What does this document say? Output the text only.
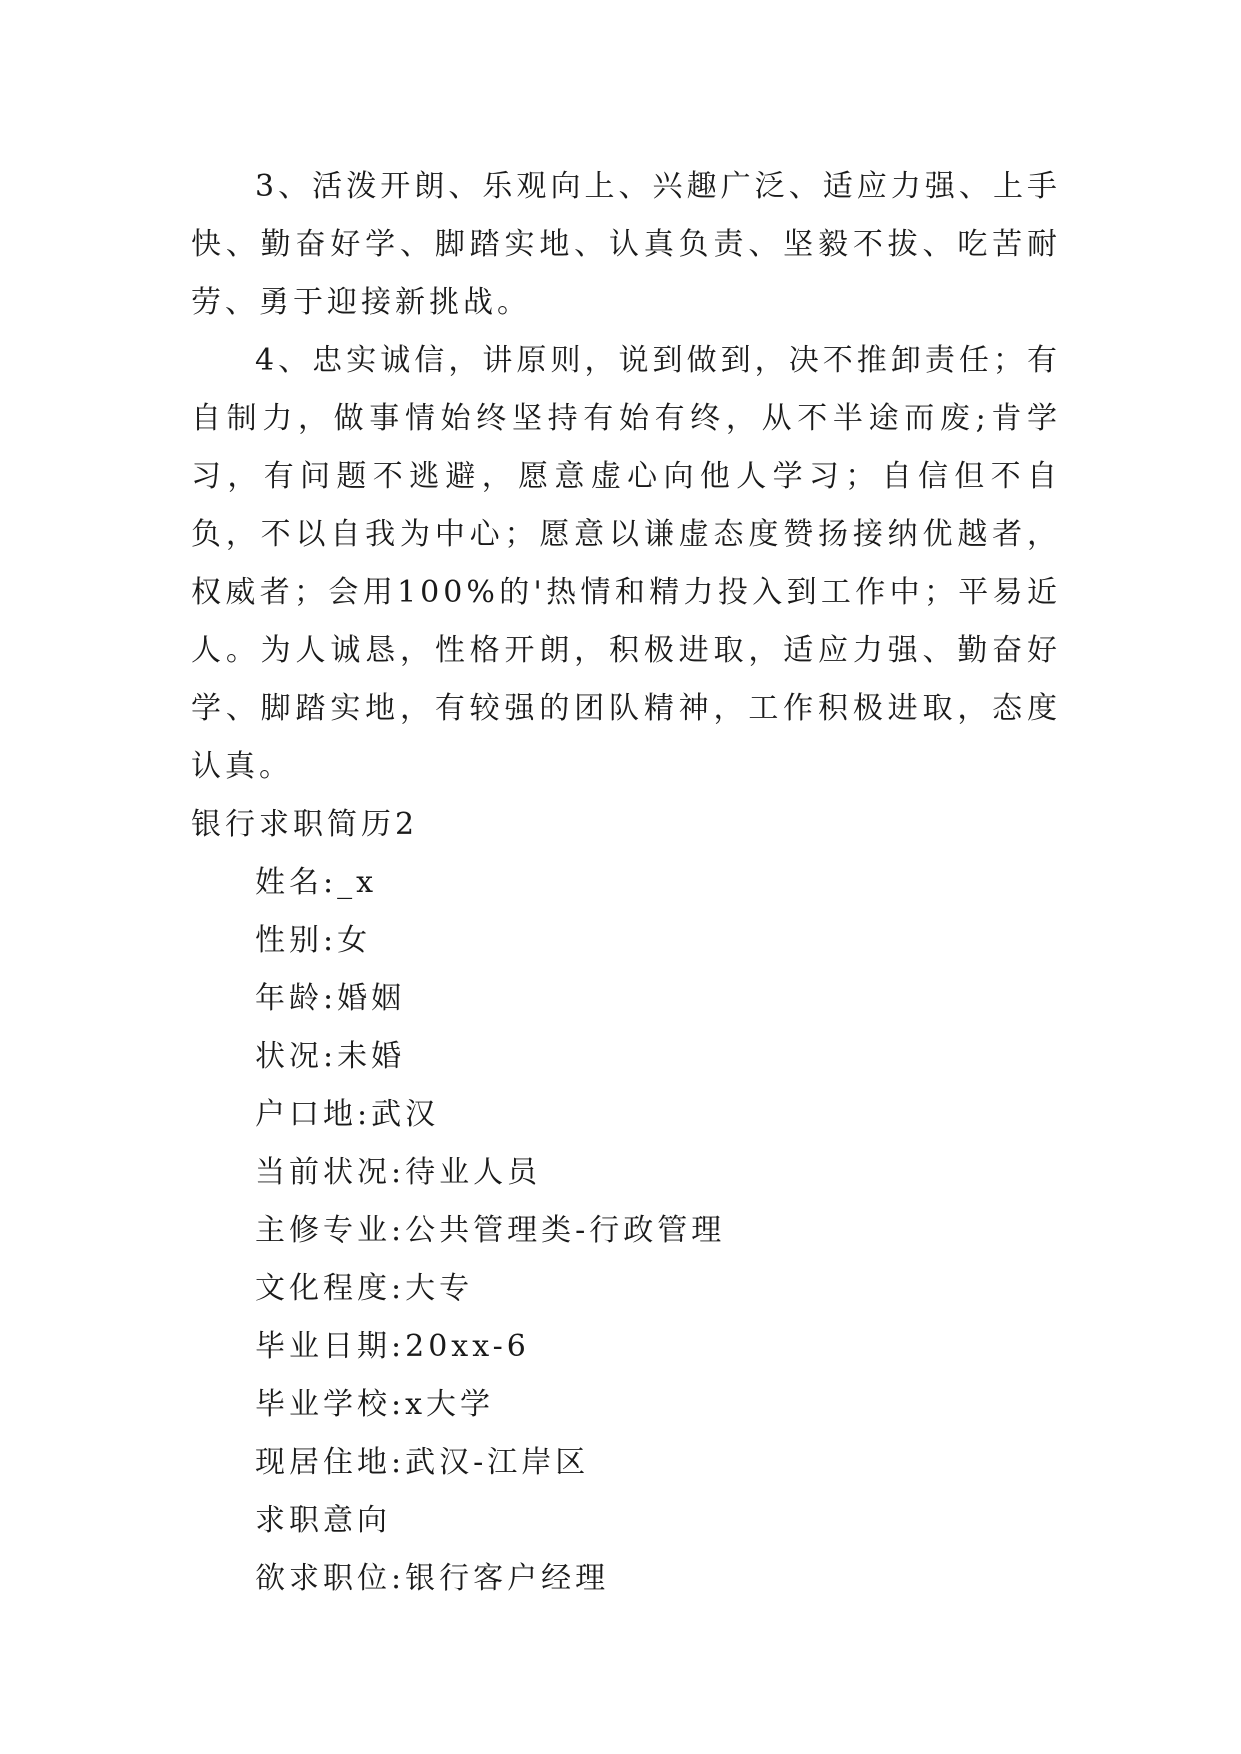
3、活泼开朗、乐观向上、兴趣广泛、适应力强、上手快、勤奋好学、脚踏实地、认真负责、坚毅不拔、吃苦耐劳、勇于迎接新挑战。

4、忠实诚信，讲原则，说到做到，决不推卸责任；有自制力，做事情始终坚持有始有终，从不半途而废;肯学习，有问题不逃避，愿意虚心向他人学习；自信但不自负，不以自我为中心；愿意以谦虚态度赞扬接纳优越者，权威者；会用100%的'热情和精力投入到工作中；平易近人。为人诚恳，性格开朗，积极进取，适应力强、勤奋好学、脚踏实地，有较强的团队精神，工作积极进取，态度认真。

银行求职简历2

姓名:_x

性别:女

年龄:婚姻

状况:未婚

户口地:武汉

当前状况:待业人员

主修专业:公共管理类-行政管理

文化程度:大专

毕业日期:20xx-6

毕业学校:x大学

现居住地:武汉-江岸区

求职意向

欲求职位:银行客户经理
